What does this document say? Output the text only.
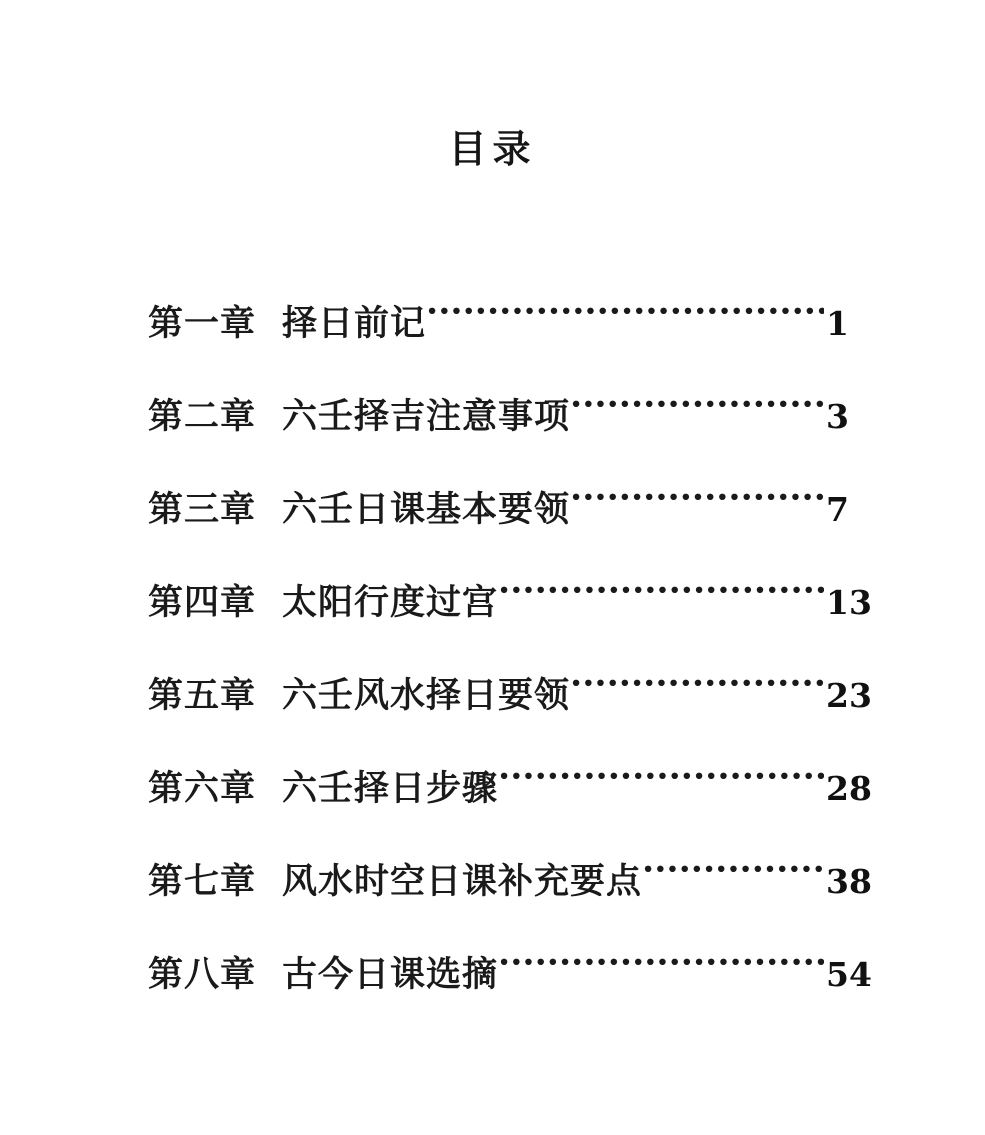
目录
第一章 择日前记 ·····	1
第二章 六壬择吉注意事项 ·····	3
第三章 六壬日课基本要领 ·····	7
第四章 太阳行度过宫 ·····	13
第五章 六壬风水择日要领 ·····	23
第六章 六壬择日步骤 ·····	28
第七章 风水时空日课补充要点 ·····	38
第八章 古今日课选摘 ·····	54
